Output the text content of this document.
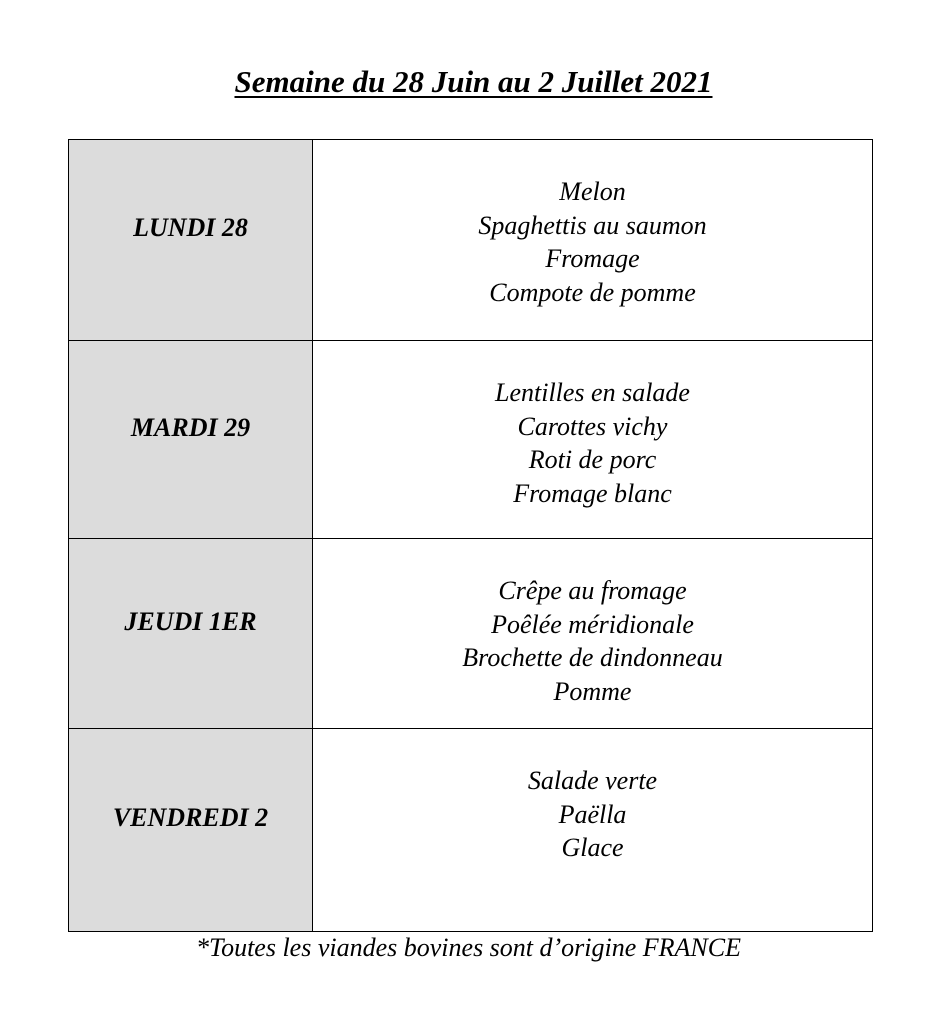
Semaine du 28 Juin au 2 Juillet 2021
LUNDI 28	Melon
Spaghettis au saumon
Fromage
Compote de pomme

MARDI 29	Lentilles en salade
Carottes vichy
Roti de porc
Fromage blanc

JEUDI 1ER	Crêpe au fromage
Poêlée méridionale
Brochette de dindonneau
Pomme

VENDREDI 2	Salade verte
Paëlla
Glace
*Toutes les viandes bovines sont d’origine FRANCE
